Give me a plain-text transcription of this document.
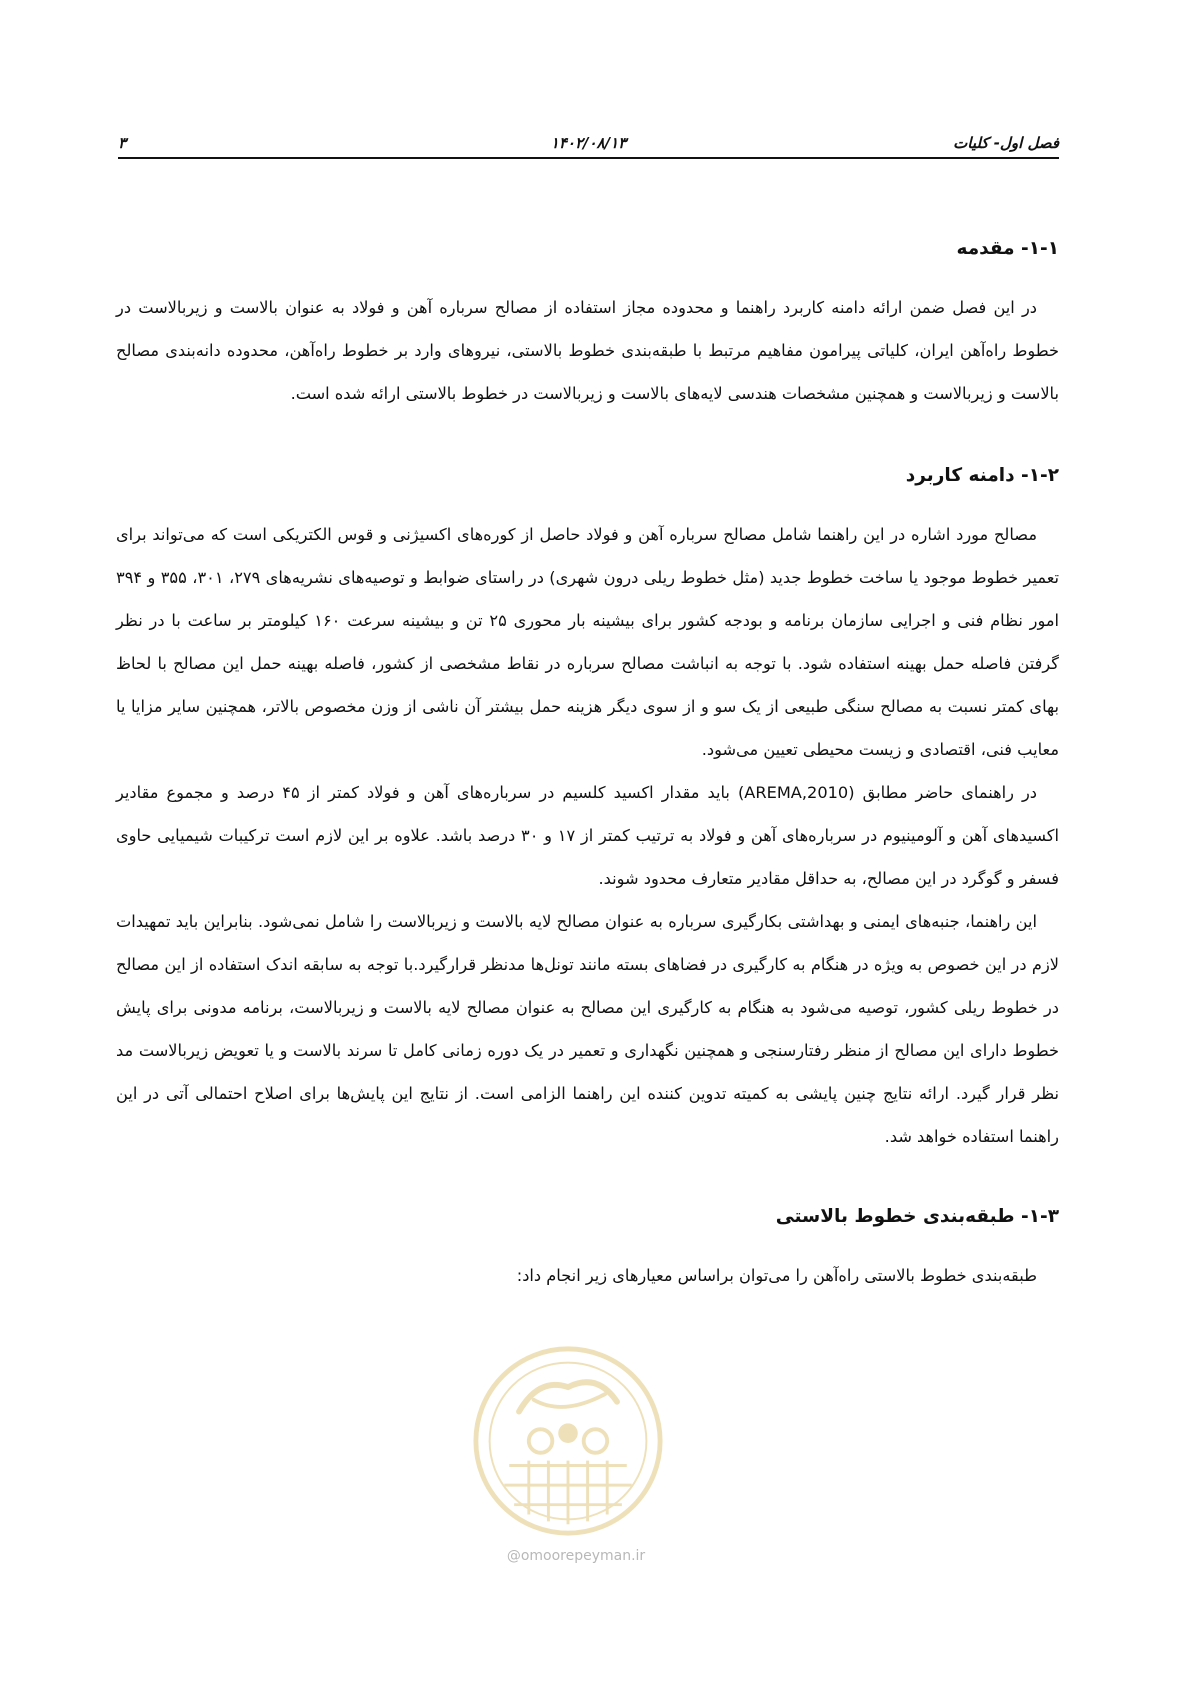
فصل اول- کلیات
۱۴۰۲/۰۸/۱۳
۳
۱-۱- مقدمه

در این فصل ضمن ارائه دامنه کاربرد راهنما و محدوده مجاز استفاده از مصالح سرباره آهن و فولاد به عنوان بالاست و زیربالاست در خطوط راه‌آهن ایران، کلیاتی پیرامون مفاهیم مرتبط با طبقه‌بندی خطوط بالاستی، نیروهای وارد بر خطوط راه‌آهن، محدوده دانه‌بندی مصالح بالاست و زیربالاست و همچنین مشخصات هندسی لایه‌های بالاست و زیربالاست در خطوط بالاستی ارائه شده است.

۱-۲- دامنه کاربرد

مصالح مورد اشاره در این راهنما شامل مصالح سرباره آهن و فولاد حاصل از کوره‌های اکسیژنی و قوس الکتریکی است که می‌تواند برای تعمیر خطوط موجود یا ساخت خطوط جدید (مثل خطوط ریلی درون شهری) در راستای ضوابط و توصیه‌های نشریه‌های ۲۷۹، ۳۰۱، ۳۵۵ و ۳۹۴ امور نظام فنی و اجرایی سازمان برنامه و بودجه کشور برای بیشینه بار محوری ۲۵ تن و بیشینه سرعت ۱۶۰ کیلومتر بر ساعت با در نظر گرفتن فاصله حمل بهینه استفاده شود. با توجه به انباشت مصالح سرباره در نقاط مشخصی از کشور، فاصله بهینه حمل این مصالح با لحاظ بهای کمتر نسبت به مصالح سنگی طبیعی از یک سو و از سوی دیگر هزینه حمل بیشتر آن ناشی از وزن مخصوص بالاتر، همچنین سایر مزایا یا معایب فنی، اقتصادی و زیست محیطی تعیین می‌شود.

در راهنمای حاضر مطابق (AREMA,2010) باید مقدار اکسید کلسیم در سرباره‌های آهن و فولاد کمتر از ۴۵ درصد و مجموع مقادیر اکسیدهای آهن و آلومینیوم در سرباره‌های آهن و فولاد به ترتیب کمتر از ۱۷ و ۳۰ درصد باشد. علاوه بر این لازم است ترکیبات شیمیایی حاوی فسفر و گوگرد در این مصالح، به حداقل مقادیر متعارف محدود شوند.

این راهنما، جنبه‌های ایمنی و بهداشتی بکارگیری سرباره به عنوان مصالح لایه بالاست و زیربالاست را شامل نمی‌شود. بنابراین باید تمهیدات لازم در این خصوص به ویژه در هنگام به کارگیری در فضاهای بسته مانند تونل‌ها مدنظر قرارگیرد.با توجه به سابقه اندک استفاده از این مصالح در خطوط ریلی کشور، توصیه می‌شود به هنگام به کارگیری این مصالح به عنوان مصالح لایه بالاست و زیربالاست، برنامه مدونی برای پایش خطوط دارای این مصالح از منظر رفتارسنجی و همچنین نگهداری و تعمیر در یک دوره زمانی کامل تا سرند بالاست و یا تعویض زیربالاست مد نظر قرار گیرد. ارائه نتایج چنین پایشی به کمیته تدوین کننده این راهنما الزامی است. از نتایج این پایش‌ها برای اصلاح احتمالی آتی در این راهنما استفاده خواهد شد.

۱-۳- طبقه‌بندی خطوط بالاستی

طبقه‌بندی خطوط بالاستی راه‌آهن را می‌توان براساس معیارهای زیر انجام داد:

@omoorepeyman.ir
